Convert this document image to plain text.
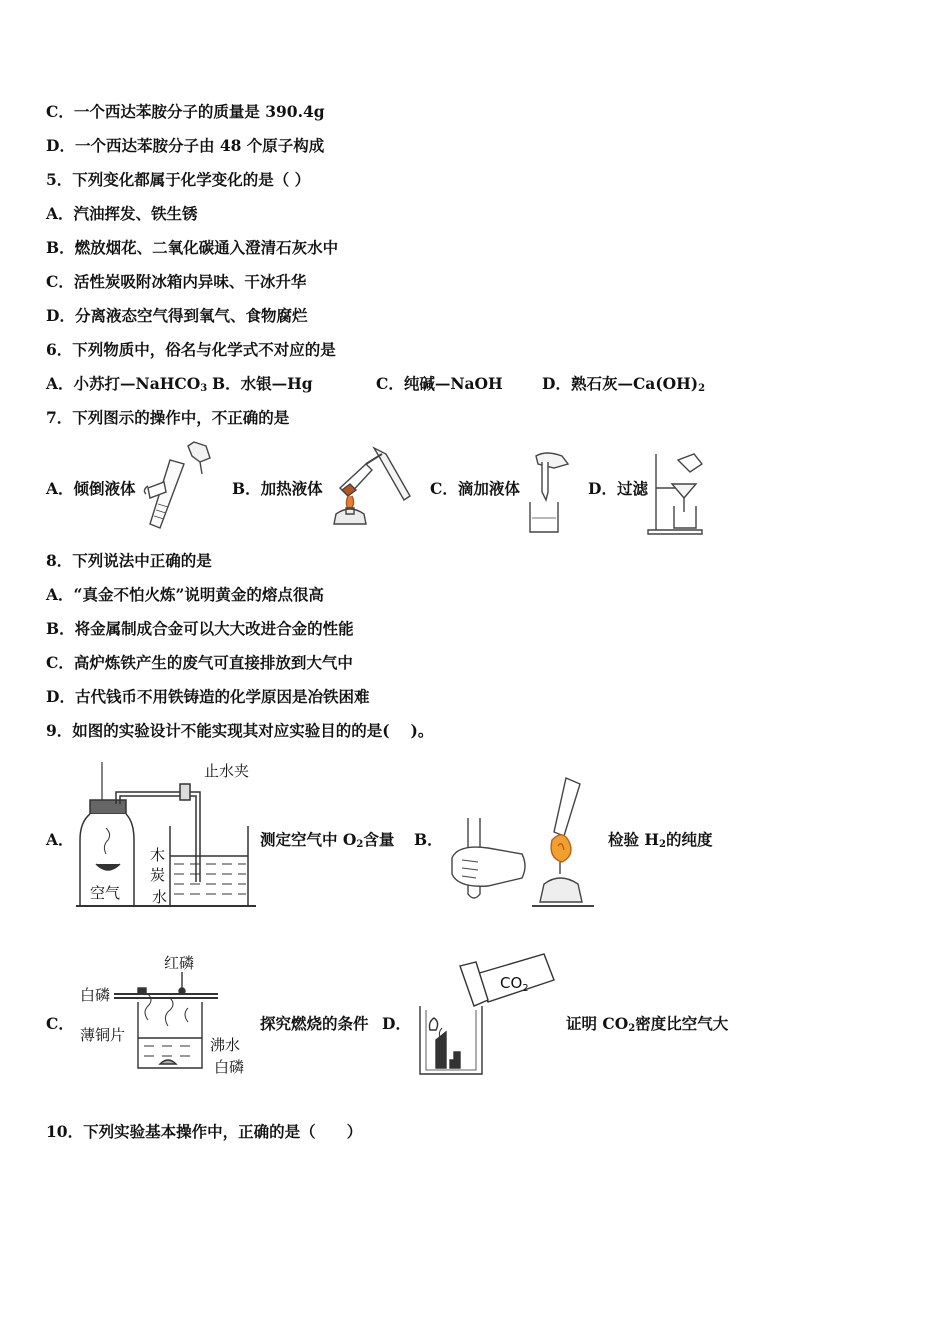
C．一个西达苯胺分子的质量是 390.4g
D．一个西达苯胺分子由 48 个原子构成
5．下列变化都属于化学变化的是（ ）
A．汽油挥发、铁生锈
B．燃放烟花、二氧化碳通入澄清石灰水中
C．活性炭吸附冰箱内异味、干冰升华
D．分离液态空气得到氧气、食物腐烂
6．下列物质中，俗名与化学式不对应的是
A．小苏打—NaHCO$_3$ B．水银—Hg	C．纯碱—NaOH	D．熟石灰$—Ca(OH)_2$
7．下列图示的操作中，不正确的是
A．倾倒液体	B．加热液体	C．滴加液体	D．过滤
8．下列说法中正确的是
A．“真金不怕火炼”说明黄金的熔点很高
B．将金属制成合金可以大大改进合金的性能
C．高炉炼铁产生的废气可直接排放到大气中
D．古代钱币不用铁铸造的化学原因是冶铁困难
9．如图的实验设计不能实现其对应实验目的的是(　 )。
A．
止水夹
木
炭
水
空气
测定空气中 $O_2$含量 B．	检验 $H_2$的纯度
C．
红磷
白磷
薄铜片
沸水
白磷
探究燃烧的条件 D．
$CO_2$
证明 $CO_2$密度比空气大
10．下列实验基本操作中，正确的是（　　）
